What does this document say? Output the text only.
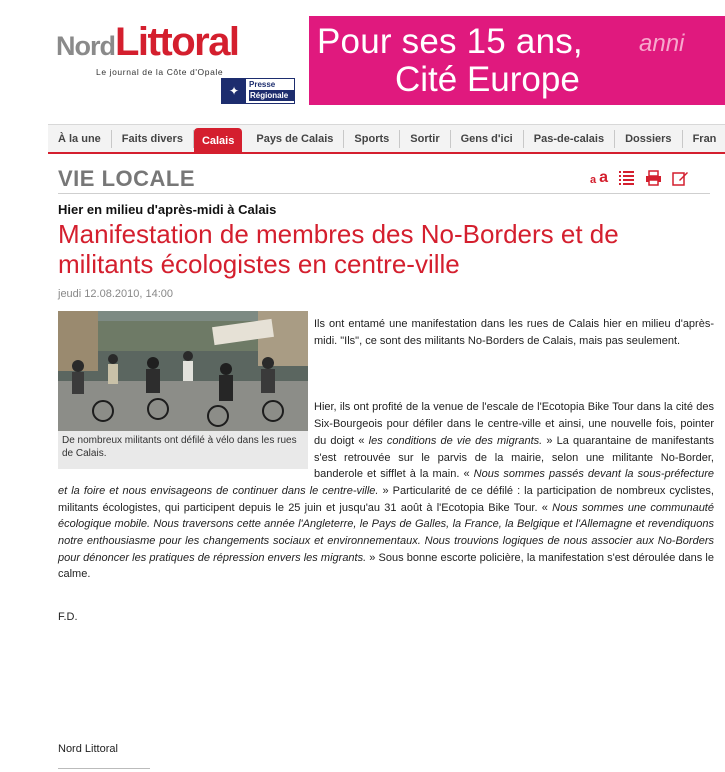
NordLittoral
Le journal de la Côte d'Opale
✦	Presse
Régionale
Pour ses 15 ans,
Cité Europe
anni
À la une	Faits divers	Calais	Pays de Calais	Sports	Sortir	Gens d'ici	Pas-de-calais	Dossiers	Fran
VIE LOCALE	a a
Hier en milieu d'après-midi à Calais
Manifestation de membres des No-Borders et de militants écologistes en centre-ville
jeudi 12.08.2010, 14:00
De nombreux militants ont défilé à vélo dans les rues de Calais.

Ils ont entamé une manifestation dans les rues de Calais hier en milieu d'après-midi. "Ils", ce sont des militants No-Borders de Calais, mais pas seulement.

Hier, ils ont profité de la venue de l'escale de l'Ecotopia Bike Tour dans la cité des Six-Bourgeois pour défiler dans le centre-ville et ainsi, une nouvelle fois, pointer du doigt « les conditions de vie des migrants. » La quarantaine de manifestants s'est retrouvée sur le parvis de la mairie, selon une militante No-Border, banderole et sifflet à la main. « Nous sommes passés devant la sous-préfecture et la foire et nous envisageons de continuer dans le centre-ville. » Particularité de ce défilé : la participation de nombreux cyclistes, militants écologistes, qui participent depuis le 25 juin et jusqu'au 31 août à l'Ecotopia Bike Tour. « Nous sommes une communauté écologique mobile. Nous traversons cette année l'Angleterre, le Pays de Galles, la France, la Belgique et l'Allemagne et revendiquons notre enthousiasme pour les changements sociaux et environnementaux. Nous trouvions logiques de nous associer aux No-Borders pour dénoncer les pratiques de répression envers les migrants. » Sous bonne escorte policière, la manifestation s'est déroulée dans le calme.

F.D.
Nord Littoral
